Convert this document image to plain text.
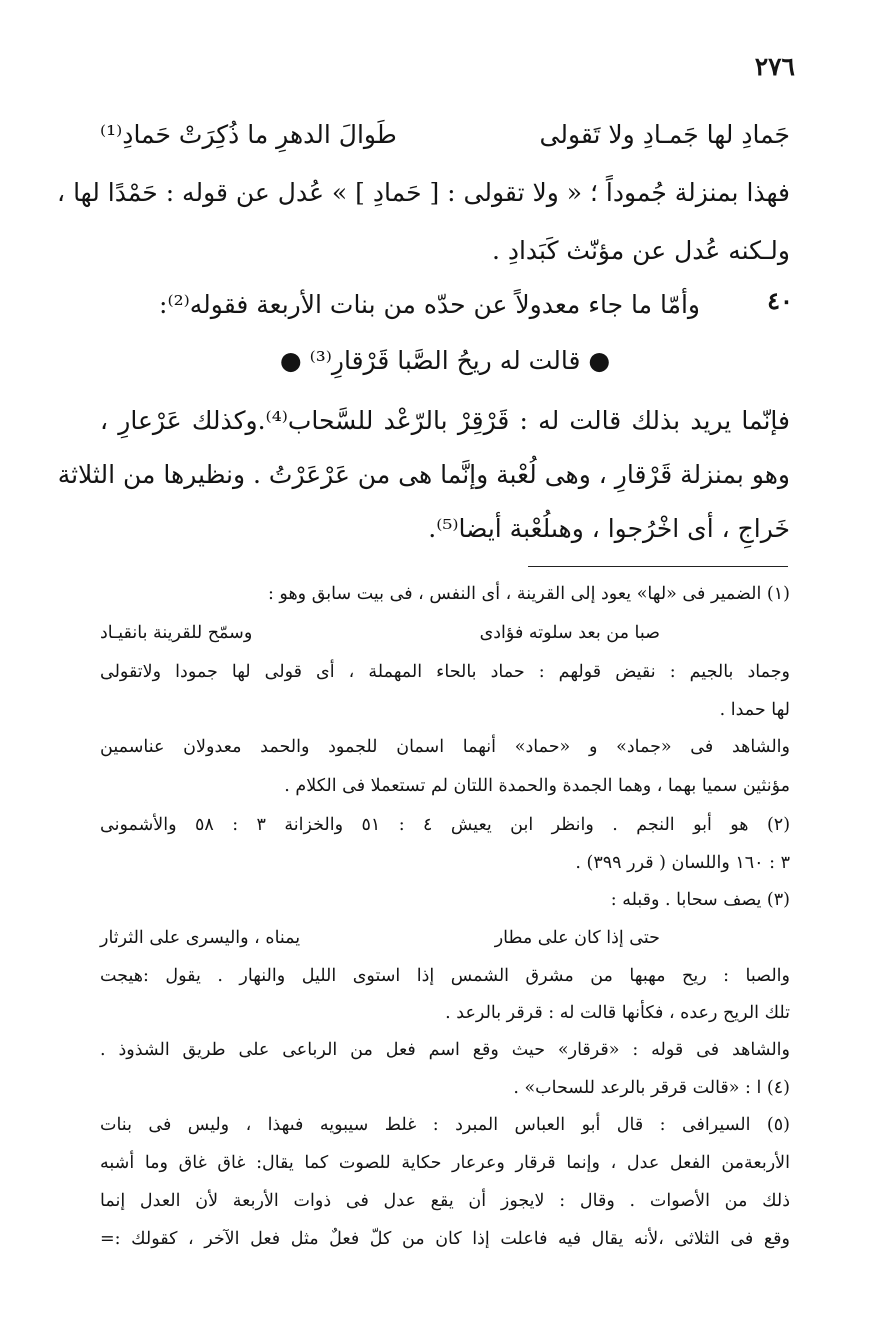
٢٧٦
جَمادِ لها جَمـادِ ولا تَقولى
طَوالَ الدهرِ ما ذُكِرَتْ حَمادِ⁽¹⁾
فهذا بمنزلة جُموداً ؛ « ولا تقولى : [ حَمادِ ] » عُدل عن قوله : حَمْدًا لها ،
ولـكنه عُدل عن مؤنّث كَبَدادِ .
وأمّا ما جاء معدولاً عن حدّه من بنات الأربعة فقوله⁽²⁾:	٤٠
● قالت له ريحُ الصَّبا قَرْقارِ⁽³⁾ ●
فإنّما يريد بذلك قالت له : قَرْقِرْ بالرّعْد للسَّحاب⁽⁴⁾.وكذلك عَرْعارِ ،
وهو بمنزلة قَرْقارِ ، وهى لُعْبة وإنَّما هى من عَرْعَرْتُ . ونظيرها من الثلاثة
خَراجِ ، أى اخْرُجوا ، وهىلُعْبة أيضا⁽⁵⁾.
(١) الضمير فى «لها» يعود إلى القرينة ، أى النفس ، فى بيت سابق وهو :
صبا من بعد سلوته فؤادى
وسمّح للقرينة بانقيـاد
وجماد بالجيم : نقيض قولهم : حماد بالحاء المهملة ، أى قولى لها جمودا ولاتقولى
لها حمدا .
والشاهد فى «جماد» و «حماد» أنهما اسمان للجمود والحمد معدولان عناسمين
مؤنثين سميا بهما ، وهما الجمدة والحمدة اللتان لم تستعملا فى الكلام .
(٢) هو أبو النجم . وانظر ابن يعيش ٤ : ٥١ والخزانة ٣ : ٥٨ والأشمونى
٣ : ١٦٠ واللسان ( قرر ٣٩٩) .
(٣) يصف سحابا . وقبله :
حتى إذا كان على مطار
يمناه ، واليسرى على الثرثار
والصبا : ريح مهبها من مشرق الشمس إذا استوى الليل والنهار . يقول :هيجت
تلك الريح رعده ، فكأنها قالت له : قرقر بالرعد .
والشاهد فى قوله : «قرقار» حيث وقع اسم فعل من الرباعى على طريق الشذوذ .
(٤) ا : «قالت قرقر بالرعد للسحاب» .
(٥) السيرافى : قال أبو العباس المبرد : غلط سيبويه فىهذا ، وليس فى بنات
الأربعةمن الفعل عدل ، وإنما قرقار وعرعار حكاية للصوت كما يقال: غاق غاق وما أشبه
ذلك من الأصوات . وقال : لايجوز أن يقع عدل فى ذوات الأربعة لأن العدل إنما
وقع فى الثلاثى ،لأنه يقال فيه فاعلت إذا كان من كلّ فعلٌ مثل فعل الآخر ، كقولك :=
